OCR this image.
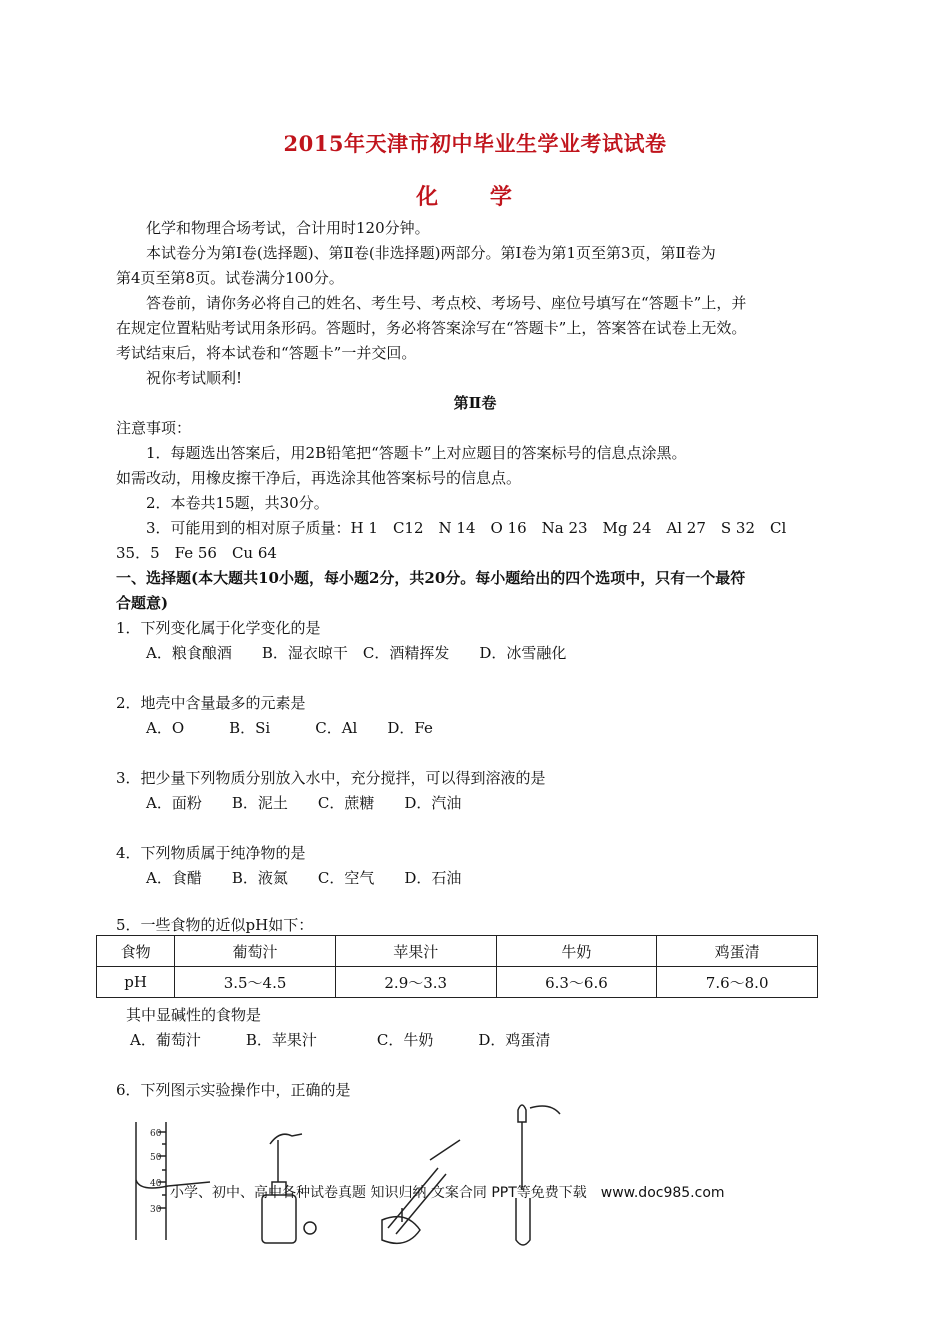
2015年天津市初中毕业生学业考试试卷
化 学
化学和物理合场考试，合计用时120分钟。
本试卷分为第Ⅰ卷(选择题)、第Ⅱ卷(非选择题)两部分。第Ⅰ卷为第1页至第3页，第Ⅱ卷为
第4页至第8页。试卷满分100分。
答卷前，请你务必将自己的姓名、考生号、考点校、考场号、座位号填写在“答题卡”上，并
在规定位置粘贴考试用条形码。答题时，务必将答案涂写在“答题卡”上，答案答在试卷上无效。
考试结束后，将本试卷和“答题卡”一并交回。
祝你考试顺利!
第Ⅱ卷
注意事项：
1．每题选出答案后，用2B铅笔把“答题卡”上对应题目的答案标号的信息点涂黑。
如需改动，用橡皮擦干净后，再选涂其他答案标号的信息点。
2．本卷共15题，共30分。
3．可能用到的相对原子质量：H 1　C12　N 14　O 16　Na 23　Mg 24　Al 27　S 32　Cl
35．5　Fe 56　Cu 64
一、选择题(本大题共10小题，每小题2分，共20分。每小题给出的四个选项中，只有一个最符
合题意)
1．下列变化属于化学变化的是
A．粮食酿酒　　B．湿衣晾干　C．酒精挥发　　D．冰雪融化
2．地壳中含量最多的元素是
A．O　　　B．Si　　　C．Al　　D．Fe
3．把少量下列物质分别放入水中，充分搅拌，可以得到溶液的是
A．面粉　　B．泥土　　C．蔗糖　　D．汽油
4．下列物质属于纯净物的是
A．食醋　　B．液氮　　C．空气　　D．石油
5．一些食物的近似pH如下：
食物	葡萄汁	苹果汁	牛奶	鸡蛋清
pH	3.5～4.5	2.9～3.3	6.3～6.6	7.6～8.0
其中显碱性的食物是
A．葡萄汁　　　B．苹果汁　　　　C．牛奶　　　D．鸡蛋清
6．下列图示实验操作中，正确的是
60
50
40
30
小学、初中、高中各种试卷真题 知识归纳 文案合同 PPT等免费下载　www.doc985.com
